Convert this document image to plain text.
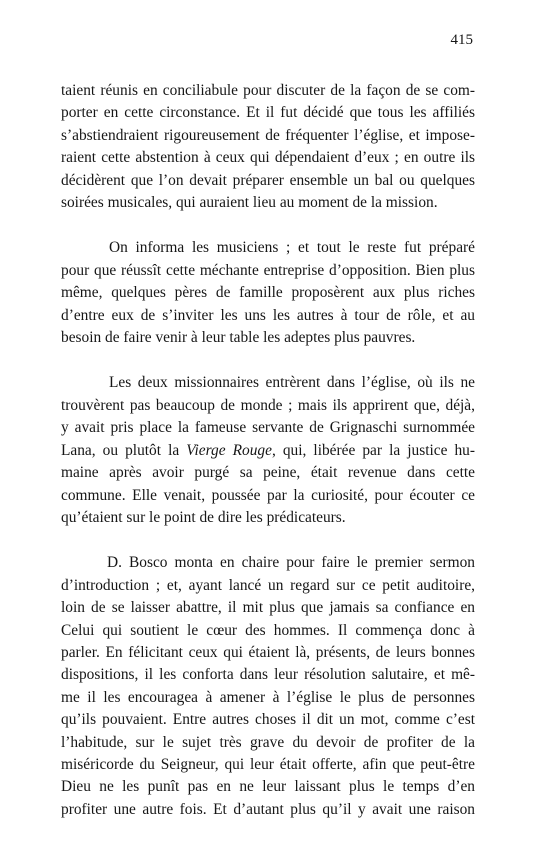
415

taient réunis en conciliabule pour discuter de la façon de se com-
porter en cette circonstance. Et il fut décidé que tous les affiliés
s’abstiendraient rigoureusement de fréquenter l’église, et impose-
raient cette abstention à ceux qui dépendaient d’eux ; en outre ils
décidèrent que l’on devait préparer ensemble un bal ou quelques
soirées musicales, qui auraient lieu au moment de la mission.

On informa les musiciens ; et tout le reste fut préparé
pour que réussît cette méchante entreprise d’opposition. Bien plus
même, quelques pères de famille proposèrent aux plus riches
d’entre eux de s’inviter les uns les autres à tour de rôle, et au
besoin de faire venir à leur table les adeptes plus pauvres.

Les deux missionnaires entrèrent dans l’église, où ils ne
trouvèrent pas beaucoup de monde ; mais ils apprirent que, déjà,
y avait pris place la fameuse servante de Grignaschi surnommée
Lana, ou plutôt la Vierge Rouge, qui, libérée par la justice hu-
maine après avoir purgé sa peine, était revenue dans cette
commune. Elle venait, poussée par la curiosité, pour écouter ce
qu’étaient sur le point de dire les prédicateurs.

D. Bosco monta en chaire pour faire le premier sermon
d’introduction ; et, ayant lancé un regard sur ce petit auditoire,
loin de se laisser abattre, il mit plus que jamais sa confiance en
Celui qui soutient le cœur des hommes. Il commença donc à
parler. En félicitant ceux qui étaient là, présents, de leurs bonnes
dispositions, il les conforta dans leur résolution salutaire, et mê-
me il les encouragea à amener à l’église le plus de personnes
qu’ils pouvaient. Entre autres choses il dit un mot, comme c’est
l’habitude, sur le sujet très grave du devoir de profiter de la
miséricorde du Seigneur, qui leur était offerte, afin que peut-être
Dieu ne les punît pas en ne leur laissant plus le temps d’en
profiter une autre fois. Et d’autant plus qu’il y avait une raison
